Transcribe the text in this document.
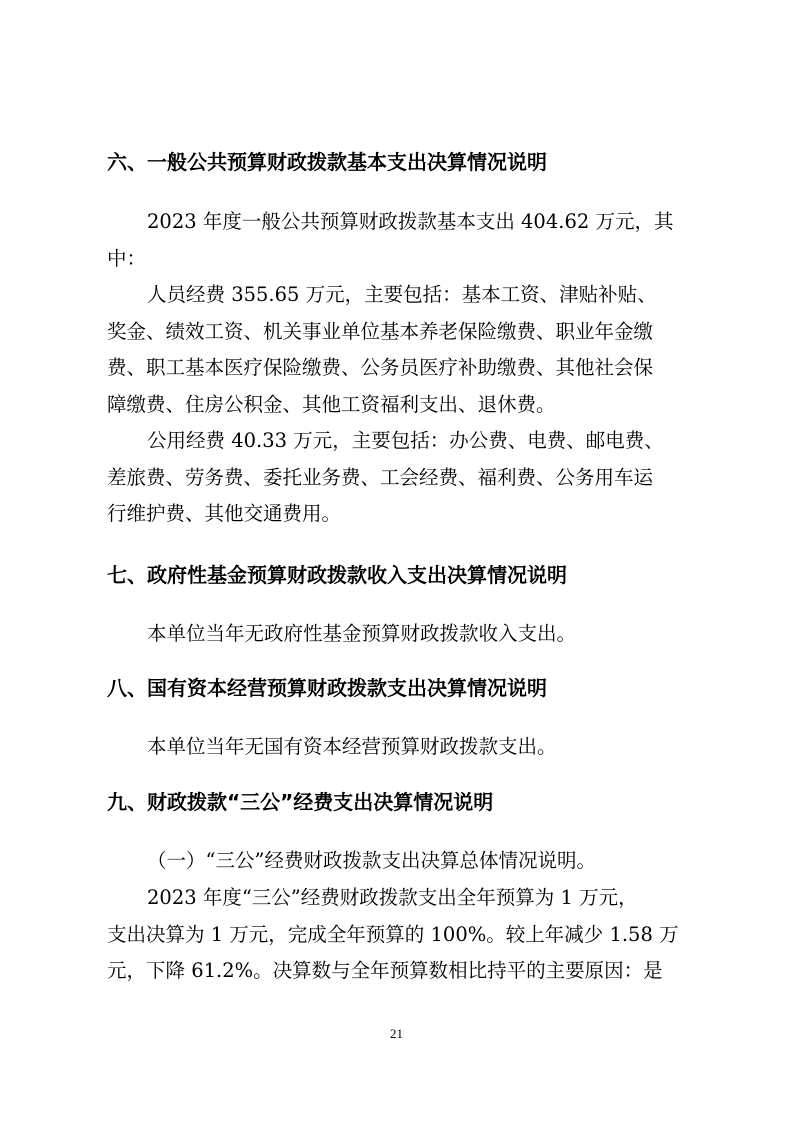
六、一般公共预算财政拨款基本支出决算情况说明
2023 年度一般公共预算财政拨款基本支出 404.62 万元，其
中：
人员经费 355.65 万元，主要包括：基本工资、津贴补贴、
奖金、绩效工资、机关事业单位基本养老保险缴费、职业年金缴
费、职工基本医疗保险缴费、公务员医疗补助缴费、其他社会保
障缴费、住房公积金、其他工资福利支出、退休费。
公用经费 40.33 万元，主要包括：办公费、电费、邮电费、
差旅费、劳务费、委托业务费、工会经费、福利费、公务用车运
行维护费、其他交通费用。
七、政府性基金预算财政拨款收入支出决算情况说明
本单位当年无政府性基金预算财政拨款收入支出。
八、国有资本经营预算财政拨款支出决算情况说明
本单位当年无国有资本经营预算财政拨款支出。
九、财政拨款“三公”经费支出决算情况说明
（一）“三公”经费财政拨款支出决算总体情况说明。
2023 年度“三公”经费财政拨款支出全年预算为 1 万元，
支出决算为 1 万元，完成全年预算的 100%。较上年减少 1.58 万
元，下降 61.2%。决算数与全年预算数相比持平的主要原因：是
21
